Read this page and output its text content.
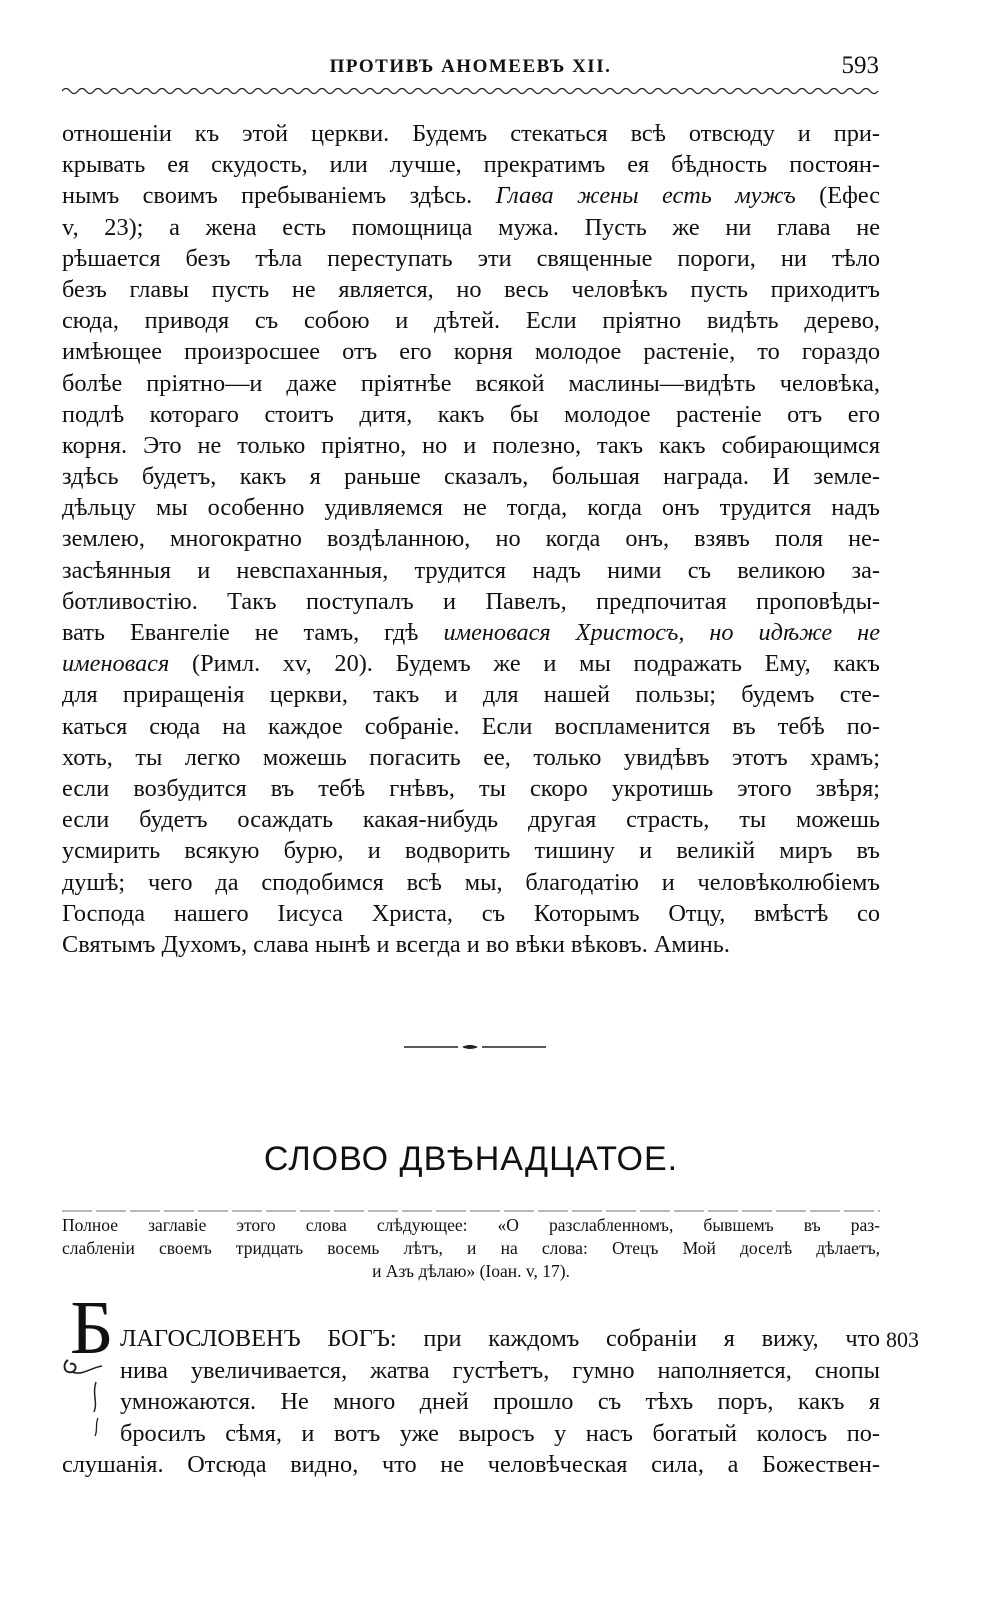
ПРОТИВЪ АНОМЕЕВЪ XII.	593
отношеніи къ этой церкви. Будемъ стекаться всѣ отвсюду и при-
крывать ея скудость, или лучше, прекратимъ ея бѣдность постоян-
нымъ своимъ пребываніемъ здѣсь. Глава жены есть мужъ (Ефес
v, 23); а жена есть помощница мужа. Пусть же ни глава не
рѣшается безъ тѣла переступать эти священные пороги, ни тѣло
безъ главы пусть не является, но весь человѣкъ пусть приходитъ
сюда, приводя съ собою и дѣтей. Если пріятно видѣть дерево,
имѣющее произросшее отъ его корня молодое растеніе, то гораздо
болѣе пріятно—и даже пріятнѣе всякой маслины—видѣть человѣка,
подлѣ котораго стоитъ дитя, какъ бы молодое растеніе отъ его
корня. Это не только пріятно, но и полезно, такъ какъ собирающимся
здѣсь будетъ, какъ я раньше сказалъ, большая награда. И земле-
дѣльцу мы особенно удивляемся не тогда, когда онъ трудится надъ
землею, многократно воздѣланною, но когда онъ, взявъ поля не-
засѣянныя и невспаханныя, трудится надъ ними съ великою за-
ботливостію. Такъ поступалъ и Павелъ, предпочитая проповѣды-
вать Евангеліе не тамъ, гдѣ именовася Христосъ, но идѣже не
именовася (Римл. xv, 20). Будемъ же и мы подражать Ему, какъ
для приращенія церкви, такъ и для нашей пользы; будемъ сте-
каться сюда на каждое собраніе. Если воспламенится въ тебѣ по-
хоть, ты легко можешь погасить ее, только увидѣвъ этотъ храмъ;
если возбудится въ тебѣ гнѣвъ, ты скоро укротишь этого звѣря;
если будетъ осаждать какая-нибудь другая страсть, ты можешь
усмирить всякую бурю, и водворить тишину и великій миръ въ
душѣ; чего да сподобимся всѣ мы, благодатію и человѣколюбіемъ
Господа нашего Іисуса Христа, съ Которымъ Отцу, вмѣстѣ со
Святымъ Духомъ, слава нынѣ и всегда и во вѣки вѣковъ. Аминь.
СЛОВО ДВѢНАДЦАТОЕ.
Полное заглавіе этого слова слѣдующее: «О разслабленномъ, бывшемъ въ раз-
слабленіи своемъ тридцать восемь лѣтъ, и на слова: Отецъ Мой доселѣ дѣлаетъ,
и Азъ дѣлаю» (Іоан. v, 17).
Б ЛАГОСЛОВЕНЪ БОГЪ: при каждомъ собраніи я вижу, что
нива увеличивается, жатва густѣетъ, гумно наполняется, снопы
умножаются. Не много дней прошло съ тѣхъ поръ, какъ я
бросилъ сѣмя, и вотъ уже выросъ у насъ богатый колосъ по-
слушанія. Отсюда видно, что не человѣческая сила, а Божествен-
803
